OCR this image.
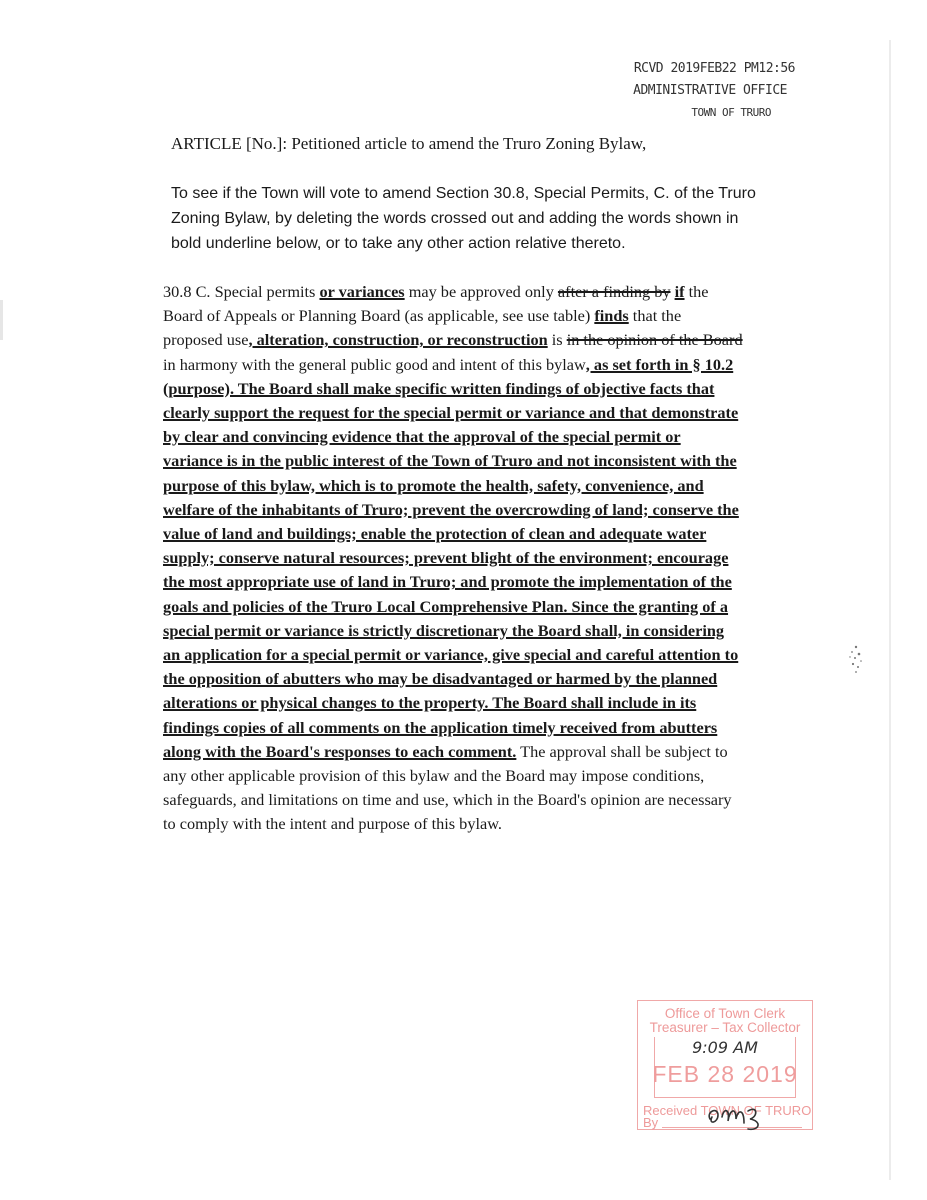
RCVD 2019FEB22 PM12:56
ADMINISTRATIVE OFFICE
TOWN OF TRURO
ARTICLE [No.]: Petitioned article to amend the Truro Zoning Bylaw,
To see if the Town will vote to amend Section 30.8, Special Permits, C. of the Truro Zoning Bylaw, by deleting the words crossed out and adding the words shown in bold underline below, or to take any other action relative thereto.
30.8 C. Special permits or variances may be approved only after a finding by if the Board of Appeals or Planning Board (as applicable, see use table) finds that the proposed use, alteration, construction, or reconstruction is in the opinion of the Board in harmony with the general public good and intent of this bylaw, as set forth in § 10.2 (purpose). The Board shall make specific written findings of objective facts that clearly support the request for the special permit or variance and that demonstrate by clear and convincing evidence that the approval of the special permit or variance is in the public interest of the Town of Truro and not inconsistent with the purpose of this bylaw, which is to promote the health, safety, convenience, and welfare of the inhabitants of Truro; prevent the overcrowding of land; conserve the value of land and buildings; enable the protection of clean and adequate water supply; conserve natural resources; prevent blight of the environment; encourage the most appropriate use of land in Truro; and promote the implementation of the goals and policies of the Truro Local Comprehensive Plan. Since the granting of a special permit or variance is strictly discretionary the Board shall, in considering an application for a special permit or variance, give special and careful attention to the opposition of abutters who may be disadvantaged or harmed by the planned alterations or physical changes to the property. The Board shall include in its findings copies of all comments on the application timely received from abutters along with the Board's responses to each comment. The approval shall be subject to any other applicable provision of this bylaw and the Board may impose conditions, safeguards, and limitations on time and use, which in the Board's opinion are necessary to comply with the intent and purpose of this bylaw.
Office of Town Clerk
Treasurer – Tax Collector
9:09 AM
FEB 28 2019
Received TOWN OF TRURO
By
